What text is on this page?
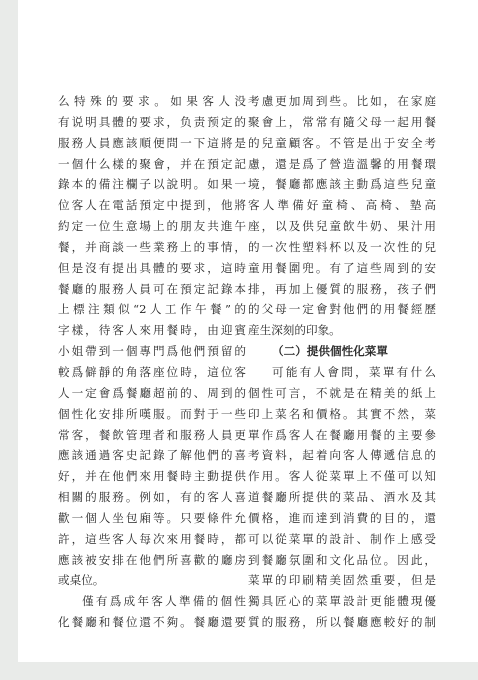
么特殊的要求。如果客人没
有说明具體的要求，负责预定的
服務人員應該順便問一下這將是
一個什么樣的聚會，并在預定記
錄本的備注欄子以說明。如果一
位客人在電話預定中提到，他將
約定一位生意場上的朋友共進午
餐，并商談一些業務上的事情，
但是沒有提出具體的要求，這時
餐廳的服務人員可在預定記錄本
上標注類似“2人工作午餐”的
字樣，待客人來用餐時，由迎賓
小姐帶到一個專門爲他們預留的
較爲僻靜的角落座位時，這位客
人一定會爲餐廳超前的、周到的
個性化安排所嘆服。而對于一些
常客，餐飲管理者和服務人員更
應該通過客史記錄了解他們的喜
好，并在他們來用餐時主動提供
相關的服務。例如，有的客人喜
歡一個人坐包廂等。只要條件允
許，這些客人每次來用餐時，都
應該被安排在他們所喜歡的廳房
或桌位。
僅有爲成年客人準備的個性
化餐廳和餐位還不夠。餐廳還要
考慮更加周到些。比如，在家庭
聚會上，常常有隨父母一起用餐
的兒童顧客。不管是出于安全考
慮，還是爲了營造溫馨的用餐環
境，餐廳都應該主動爲這些兒童
客人準備好童椅、高椅、墊高
座，以及供兒童飲牛奶、果汁用
的一次性塑料杯以及一次性的兒
童用餐圍兜。有了這些周到的安
排，再加上優質的服務，孩子們
的父母一定會對他們的用餐經歷
産生深刻的印象。
（二）提供個性化菜單
可能有人會問，菜單有什么
個性可言，不就是在精美的紙上
印上菜名和價格。其實不然，菜
單作爲客人在餐廳用餐的主要參
考資料，起着向客人傳遞信息的
作用。客人從菜單上不僅可以知
道餐廳所提供的菜品、酒水及其
價格，進而達到消費的目的，還
可以從菜單的設計、制作上感受
到餐廳氛圍和文化品位。因此，
菜單的印刷精美固然重要，但是
獨具匠心的菜單設計更能體現優
質的服務，所以餐廳應較好的制
